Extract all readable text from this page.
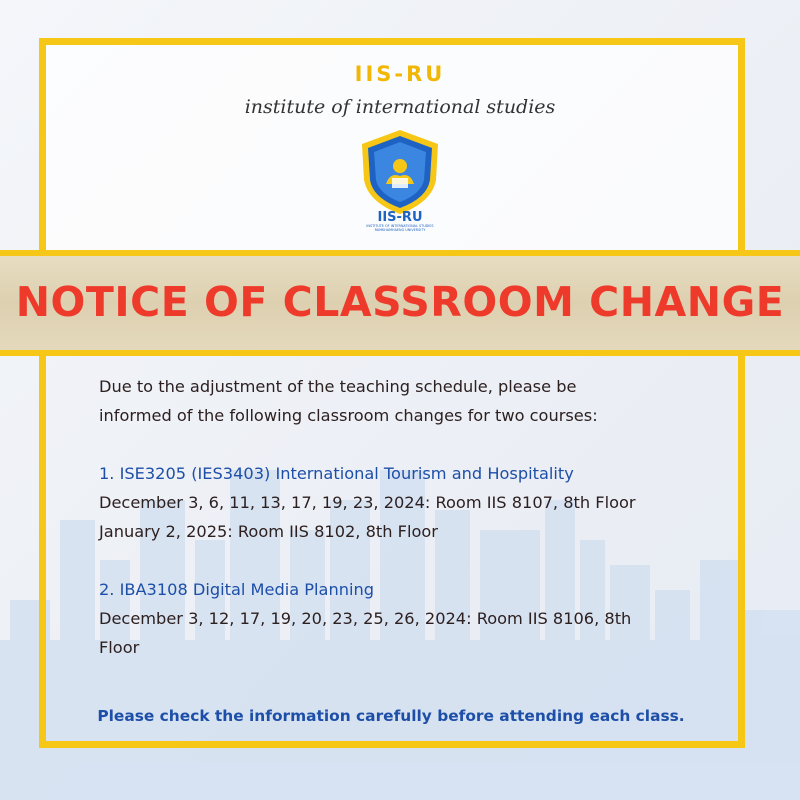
IIS-RU
institute of international studies
IIS-RU
INSTITUTE OF INTERNATIONAL STUDIES
RAMKHAMHAENG UNIVERSITY
NOTICE OF CLASSROOM CHANGE

Due to the adjustment of the teaching schedule, please be

informed of the following classroom changes for two courses:

1. ISE3205 (IES3403) International Tourism and Hospitality

December 3, 6, 11, 13, 17, 19, 23, 2024: Room IIS 8107, 8th Floor

January 2, 2025: Room IIS 8102, 8th Floor

2. IBA3108 Digital Media Planning

December 3, 12, 17, 19, 20, 23, 25, 26, 2024: Room IIS 8106, 8th

Floor

Please check the information carefully before attending each class.
